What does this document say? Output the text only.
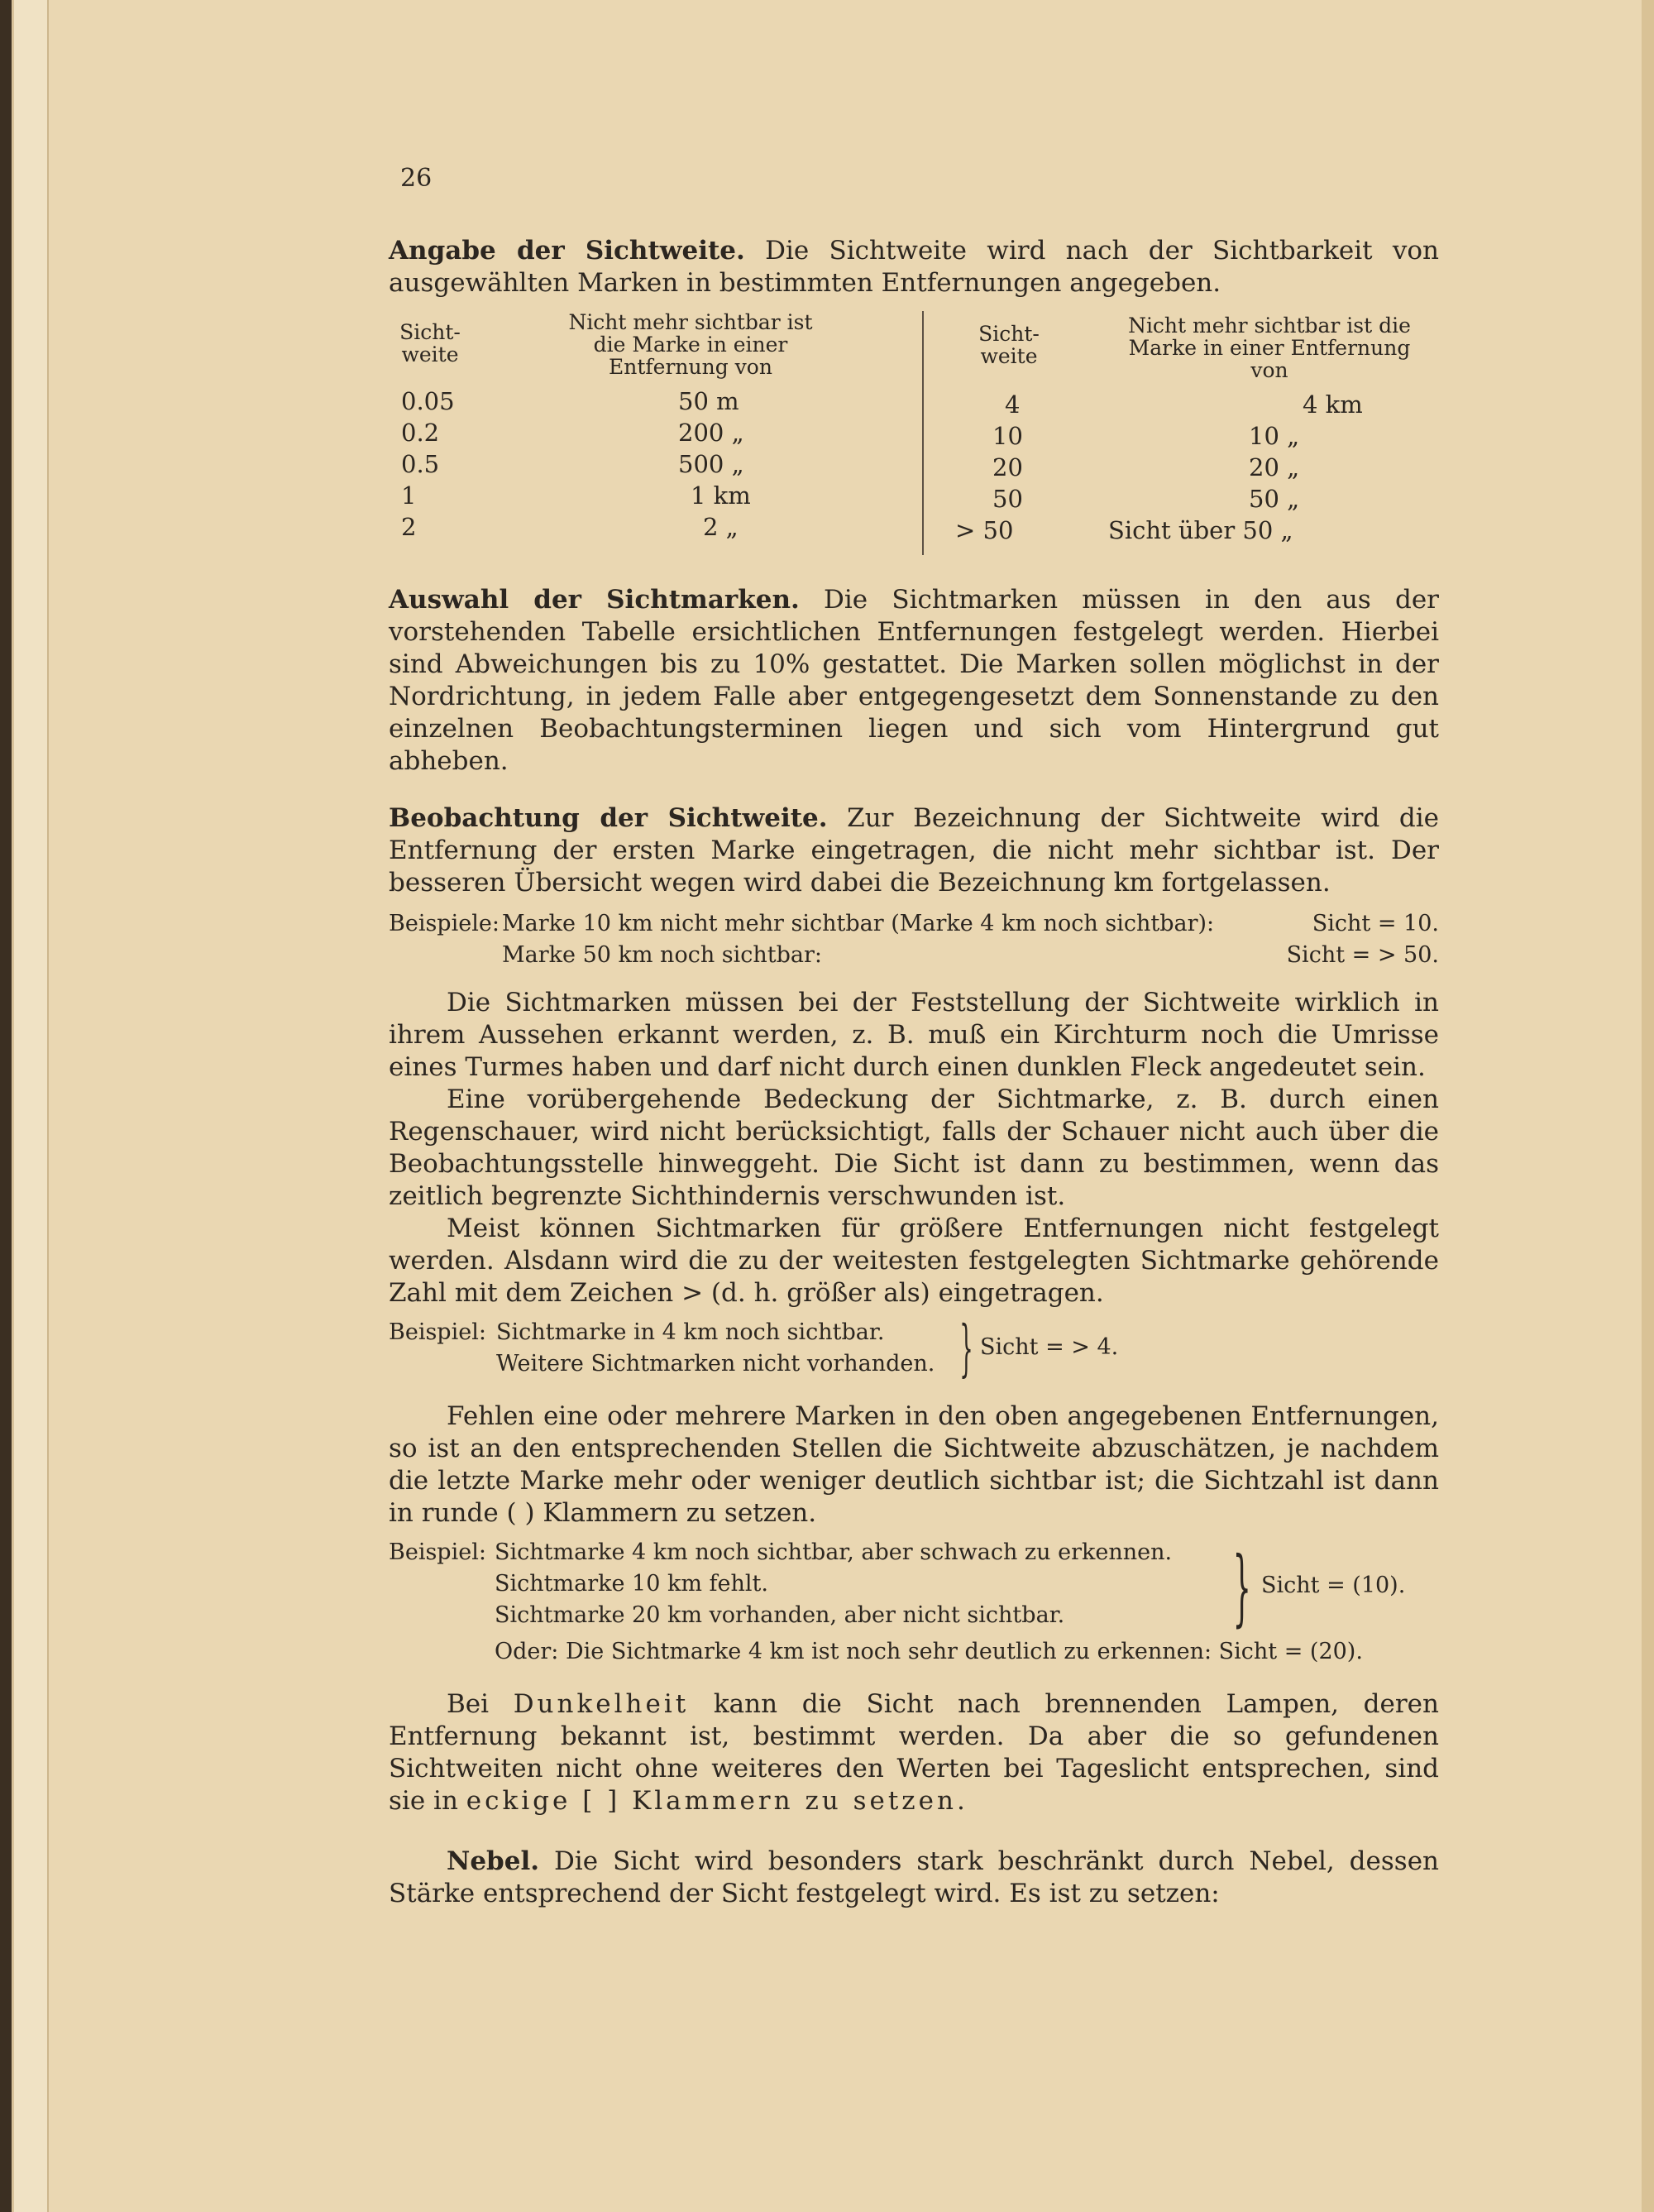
26

Angabe der Sichtweite. Die Sichtweite wird nach der Sichtbarkeit von ausgewählten Marken in bestimmten Entfernungen angegeben.

Sicht-
weite
Nicht mehr sichtbar ist die Marke in einer Entfernung von
Sicht-
weite
Nicht mehr sichtbar ist die Marke in einer Entfernung von
0.05	50 m
0.2	200 „
0.5	500 „
1	1 km
2	2 „
4	4 km
10	10 „
20	20 „
50	50 „
> 50	Sicht über 50 „

Auswahl der Sichtmarken. Die Sichtmarken müssen in den aus der vorstehenden Tabelle ersichtlichen Entfernungen festgelegt werden. Hierbei sind Abweichungen bis zu 10% gestattet. Die Marken sollen möglichst in der Nordrichtung, in jedem Falle aber entgegengesetzt dem Sonnenstande zu den einzelnen Beobachtungsterminen liegen und sich vom Hintergrund gut abheben.

Beobachtung der Sichtweite. Zur Bezeichnung der Sichtweite wird die Entfernung der ersten Marke eingetragen, die nicht mehr sichtbar ist. Der besseren Übersicht wegen wird dabei die Bezeichnung km fortgelassen.

Beispiele: Marke 10 km nicht mehr sichtbar (Marke 4 km noch sichtbar):	Sicht = 10.
Marke 50 km noch sichtbar:	Sicht = > 50.

Die Sichtmarken müssen bei der Feststellung der Sichtweite wirklich in ihrem Aussehen erkannt werden, z. B. muß ein Kirchturm noch die Umrisse eines Turmes haben und darf nicht durch einen dunklen Fleck angedeutet sein.

Eine vorübergehende Bedeckung der Sichtmarke, z. B. durch einen Regenschauer, wird nicht berücksichtigt, falls der Schauer nicht auch über die Beobachtungsstelle hinweggeht. Die Sicht ist dann zu bestimmen, wenn das zeitlich begrenzte Sichthindernis verschwunden ist.

Meist können Sichtmarken für größere Entfernungen nicht festgelegt werden. Alsdann wird die zu der weitesten festgelegten Sichtmarke gehörende Zahl mit dem Zeichen > (d. h. größer als) eingetragen.

Beispiel: Sichtmarke in 4 km noch sichtbar.
Weitere Sichtmarken nicht vorhanden. } Sicht = > 4.

Fehlen eine oder mehrere Marken in den oben angegebenen Entfernungen, so ist an den entsprechenden Stellen die Sichtweite abzuschätzen, je nachdem die letzte Marke mehr oder weniger deutlich sichtbar ist; die Sichtzahl ist dann in runde ( ) Klammern zu setzen.

Beispiel: Sichtmarke 4 km noch sichtbar, aber schwach zu erkennen.
Sichtmarke 10 km fehlt.
Sichtmarke 20 km vorhanden, aber nicht sichtbar. } Sicht = (10).
Oder: Die Sichtmarke 4 km ist noch sehr deutlich zu erkennen: Sicht = (20).

Bei Dunkelheit kann die Sicht nach brennenden Lampen, deren Entfernung bekannt ist, bestimmt werden. Da aber die so gefundenen Sichtweiten nicht ohne weiteres den Werten bei Tageslicht entsprechen, sind sie in eckige [ ] Klammern zu setzen.

Nebel. Die Sicht wird besonders stark beschränkt durch Nebel, dessen Stärke entsprechend der Sicht festgelegt wird. Es ist zu setzen:
